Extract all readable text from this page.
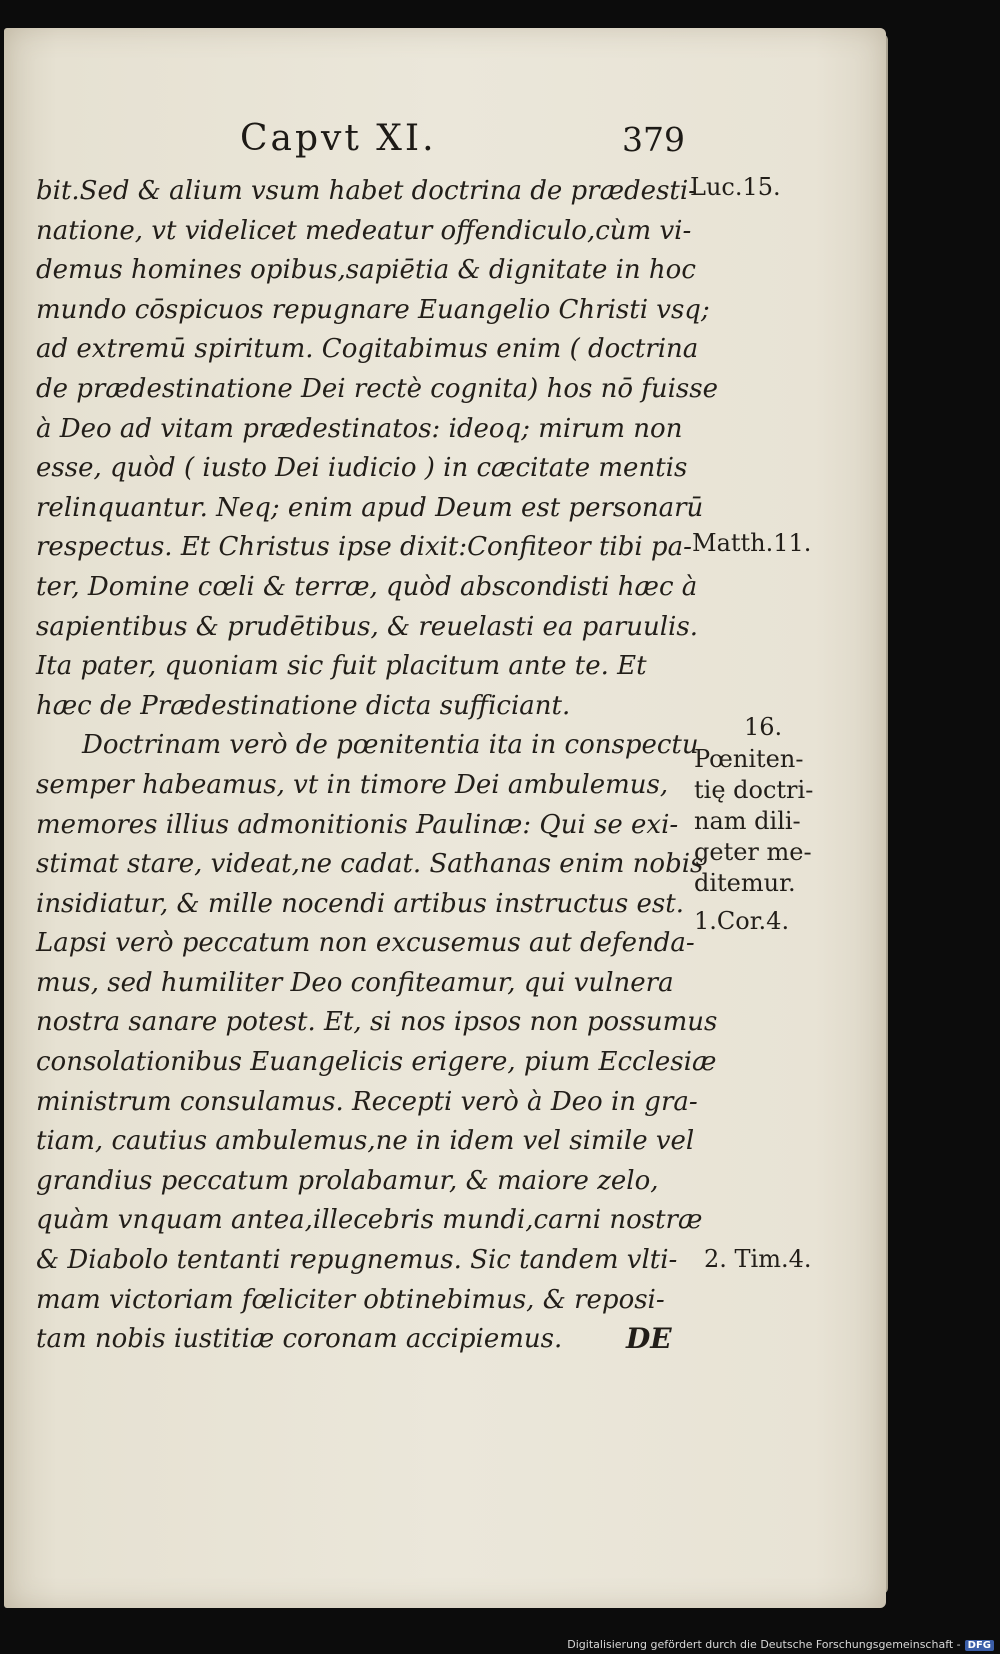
Capvt XI.	379
bit.Sed & alium vsum habet doctrina de prædesti-
natione, vt videlicet medeatur offendiculo,cùm vi-
demus homines opibus,sapiētia & dignitate in hoc
mundo cōspicuos repugnare Euangelio Christi vsq;
ad extremū spiritum. Cogitabimus enim ( doctrina
de prædestinatione Dei rectè cognita) hos nō fuisse
à Deo ad vitam prædestinatos: ideoq; mirum non
esse, quòd ( iusto Dei iudicio ) in cæcitate mentis
relinquantur. Neq; enim apud Deum est personarū
respectus. Et Christus ipse dixit:Confiteor tibi pa-
ter, Domine cœli & terræ, quòd abscondisti hæc à
sapientibus & prudētibus, & reuelasti ea paruulis.
Ita pater, quoniam sic fuit placitum ante te. Et
hæc de Prædestinatione dicta sufficiant.
Doctrinam verò de pœnitentia ita in conspectu
semper habeamus, vt in timore Dei ambulemus,
memores illius admonitionis Paulinæ: Qui se exi-
stimat stare, videat,ne cadat. Sathanas enim nobis
insidiatur, & mille nocendi artibus instructus est.
Lapsi verò peccatum non excusemus aut defenda-
mus, sed humiliter Deo confiteamur, qui vulnera
nostra sanare potest. Et, si nos ipsos non possumus
consolationibus Euangelicis erigere, pium Ecclesiæ
ministrum consulamus. Recepti verò à Deo in gra-
tiam, cautius ambulemus,ne in idem vel simile vel
grandius peccatum prolabamur, & maiore zelo,
quàm vnquam antea,illecebris mundi,carni nostræ
& Diabolo tentanti repugnemus. Sic tandem vlti-
mam victoriam fœliciter obtinebimus, & reposi-
tam nobis iustitiæ coronam accipiemus.	DE
Luc.15.
Matth.11.
16.
Pœniten-
tię doctri-
nam dili-
geter me-
ditemur.
1.Cor.4.
2. Tim.4.
Digitalisierung gefördert durch die Deutsche Forschungsgemeinschaft - DFG
